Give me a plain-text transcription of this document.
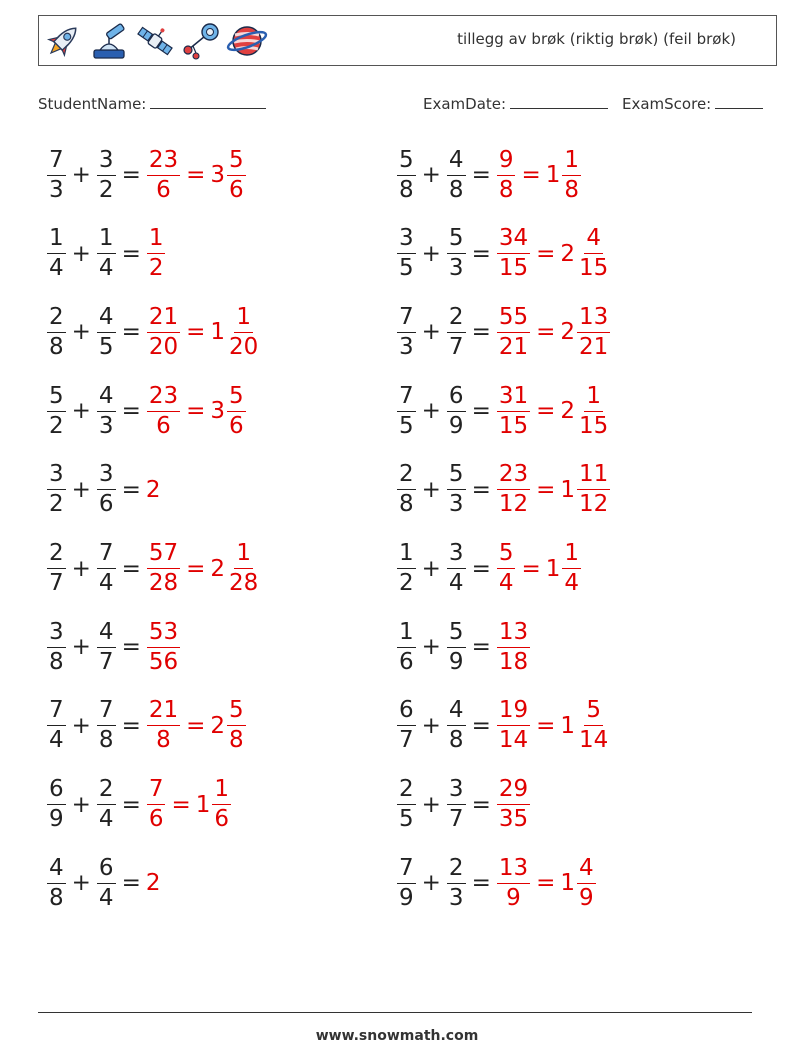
tillegg av brøk (riktig brøk) (feil brøk)
StudentName:	ExamDate:	ExamScore:
$\frac{7}{3} + \frac{3}{2} = \frac{23}{6} = 3 \frac{5}{6}$	$\frac{5}{8} + \frac{4}{8} = \frac{9}{8} = 1 \frac{1}{8}$
$\frac{1}{4} + \frac{1}{4} = \frac{1}{2}$	$\frac{3}{5} + \frac{5}{3} = \frac{34}{15} = 2 \frac{4}{15}$
$\frac{2}{8} + \frac{4}{5} = \frac{21}{20} = 1 \frac{1}{20}$	$\frac{7}{3} + \frac{2}{7} = \frac{55}{21} = 2 \frac{13}{21}$
$\frac{5}{2} + \frac{4}{3} = \frac{23}{6} = 3 \frac{5}{6}$	$\frac{7}{5} + \frac{6}{9} = \frac{31}{15} = 2 \frac{1}{15}$
$\frac{3}{2} + \frac{3}{6} = 2$	$\frac{2}{8} + \frac{5}{3} = \frac{23}{12} = 1 \frac{11}{12}$
$\frac{2}{7} + \frac{7}{4} = \frac{57}{28} = 2 \frac{1}{28}$	$\frac{1}{2} + \frac{3}{4} = \frac{5}{4} = 1 \frac{1}{4}$
$\frac{3}{8} + \frac{4}{7} = \frac{53}{56}$	$\frac{1}{6} + \frac{5}{9} = \frac{13}{18}$
$\frac{7}{4} + \frac{7}{8} = \frac{21}{8} = 2 \frac{5}{8}$	$\frac{6}{7} + \frac{4}{8} = \frac{19}{14} = 1 \frac{5}{14}$
$\frac{6}{9} + \frac{2}{4} = \frac{7}{6} = 1 \frac{1}{6}$	$\frac{2}{5} + \frac{3}{7} = \frac{29}{35}$
$\frac{4}{8} + \frac{6}{4} = 2$	$\frac{7}{9} + \frac{2}{3} = \frac{13}{9} = 1 \frac{4}{9}$
www.snowmath.com
